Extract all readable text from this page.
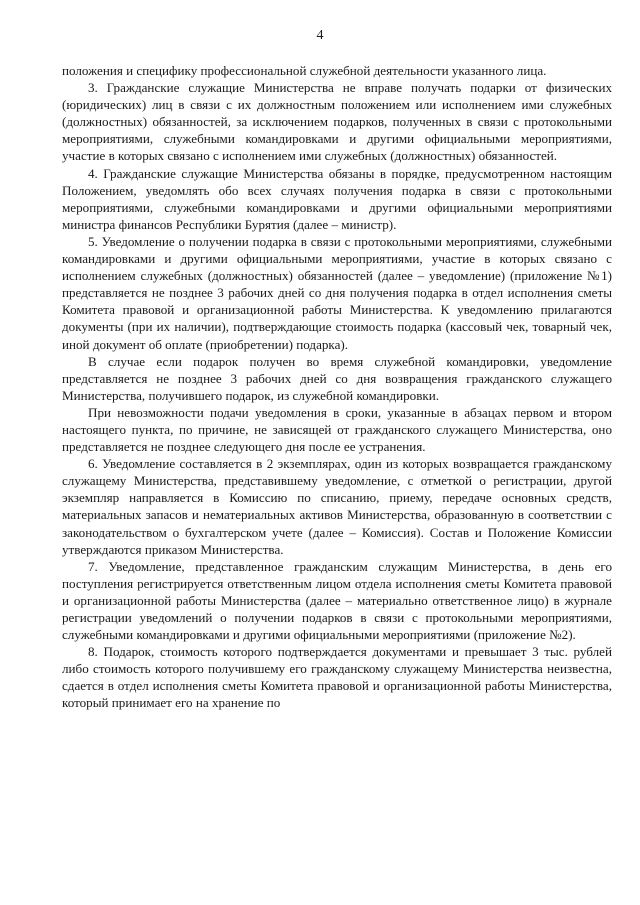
4

положения и специфику профессиональной служебной деятельности указанного лица.

3. Гражданские служащие Министерства не вправе получать подарки от физических (юридических) лиц в связи с их должностным положением или исполнением ими служебных (должностных) обязанностей, за исключением подарков, полученных в связи с протокольными мероприятиями, служебными командировками и другими официальными мероприятиями, участие в которых связано с исполнением ими служебных (должностных) обязанностей.

4. Гражданские служащие Министерства обязаны в порядке, предусмотренном настоящим Положением, уведомлять обо всех случаях получения подарка в связи с протокольными мероприятиями, служебными командировками и другими официальными мероприятиями министра финансов Республики Бурятия (далее – министр).

5. Уведомление о получении подарка в связи с протокольными мероприятиями, служебными командировками и другими официальными мероприятиями, участие в которых связано с исполнением служебных (должностных) обязанностей (далее – уведомление) (приложение №1) представляется не позднее 3 рабочих дней со дня получения подарка в отдел исполнения сметы Комитета правовой и организационной работы Министерства. К уведомлению прилагаются документы (при их наличии), подтверждающие стоимость подарка (кассовый чек, товарный чек, иной документ об оплате (приобретении) подарка).

В случае если подарок получен во время служебной командировки, уведомление представляется не позднее 3 рабочих дней со дня возвращения гражданского служащего Министерства, получившего подарок, из служебной командировки.

При невозможности подачи уведомления в сроки, указанные в абзацах первом и втором настоящего пункта, по причине, не зависящей от гражданского служащего Министерства, оно представляется не позднее следующего дня после ее устранения.

6. Уведомление составляется в 2 экземплярах, один из которых возвращается гражданскому служащему Министерства, представившему уведомление, с отметкой о регистрации, другой экземпляр направляется в Комиссию по списанию, приему, передаче основных средств, материальных запасов и нематериальных активов Министерства, образованную в соответствии с законодательством о бухгалтерском учете (далее – Комиссия). Состав и Положение Комиссии утверждаются приказом Министерства.

7. Уведомление, представленное гражданским служащим Министерства, в день его поступления регистрируется ответственным лицом отдела исполнения сметы Комитета правовой и организационной работы Министерства (далее – материально ответственное лицо) в журнале регистрации уведомлений о получении подарков в связи с протокольными мероприятиями, служебными командировками и другими официальными мероприятиями (приложение №2).

8. Подарок, стоимость которого подтверждается документами и превышает 3 тыс. рублей либо стоимость которого получившему его гражданскому служащему Министерства неизвестна, сдается в отдел исполнения сметы Комитета правовой и организационной работы Министерства, который принимает его на хранение по
